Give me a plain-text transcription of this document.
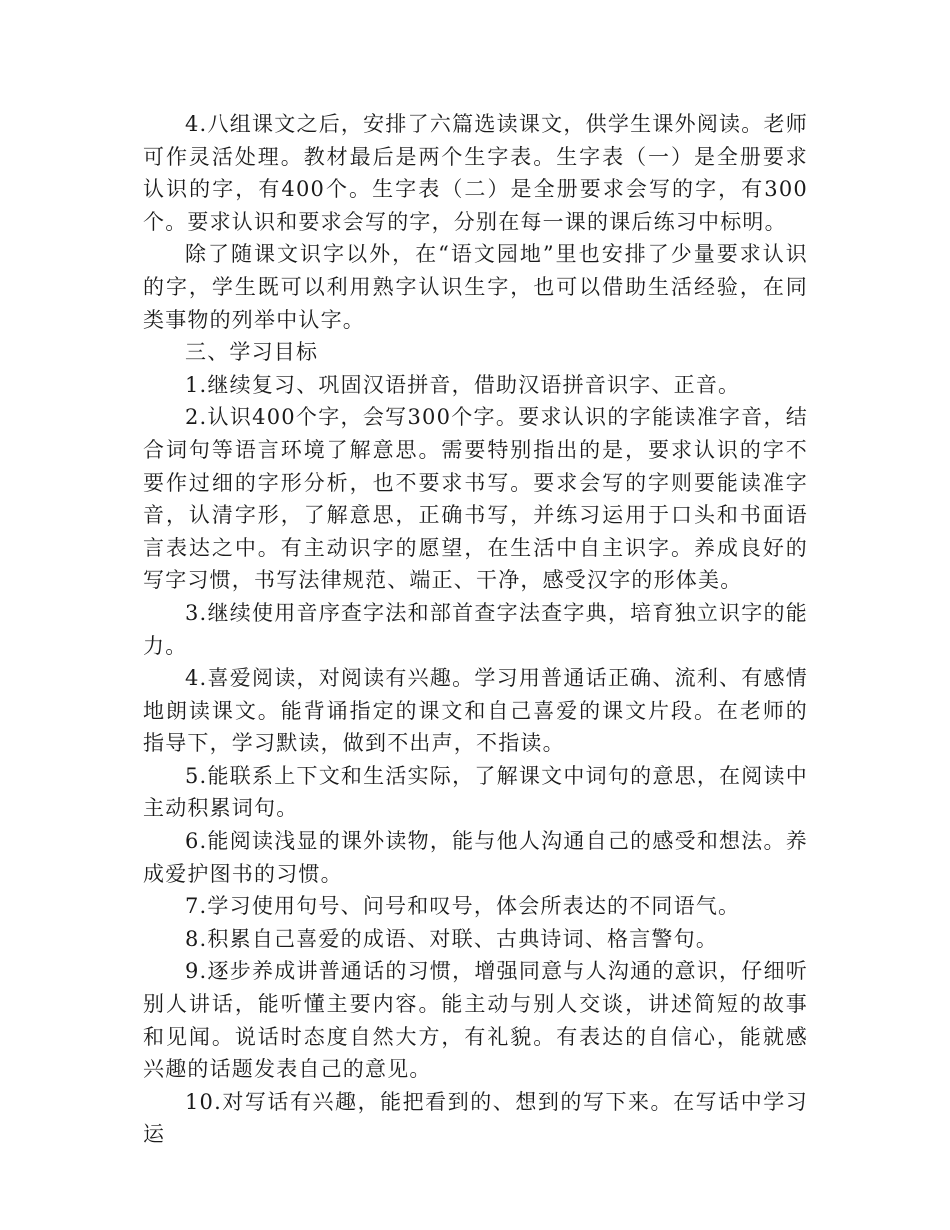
4.八组课文之后，安排了六篇选读课文，供学生课外阅读。老师可作灵活处理。教材最后是两个生字表。生字表（一）是全册要求认识的字，有400个。生字表（二）是全册要求会写的字，有300个。要求认识和要求会写的字，分别在每一课的课后练习中标明。

除了随课文识字以外，在“语文园地”里也安排了少量要求认识的字，学生既可以利用熟字认识生字，也可以借助生活经验，在同类事物的列举中认字。

三、学习目标

1.继续复习、巩固汉语拼音，借助汉语拼音识字、正音。

2.认识400个字，会写300个字。要求认识的字能读准字音，结合词句等语言环境了解意思。需要特别指出的是，要求认识的字不要作过细的字形分析，也不要求书写。要求会写的字则要能读准字音，认清字形，了解意思，正确书写，并练习运用于口头和书面语言表达之中。有主动识字的愿望，在生活中自主识字。养成良好的写字习惯，书写法律规范、端正、干净，感受汉字的形体美。

3.继续使用音序查字法和部首查字法查字典，培育独立识字的能力。

4.喜爱阅读，对阅读有兴趣。学习用普通话正确、流利、有感情地朗读课文。能背诵指定的课文和自己喜爱的课文片段。在老师的指导下，学习默读，做到不出声，不指读。

5.能联系上下文和生活实际，了解课文中词句的意思，在阅读中主动积累词句。

6.能阅读浅显的课外读物，能与他人沟通自己的感受和想法。养成爱护图书的习惯。

7.学习使用句号、问号和叹号，体会所表达的不同语气。

8.积累自己喜爱的成语、对联、古典诗词、格言警句。

9.逐步养成讲普通话的习惯，增强同意与人沟通的意识，仔细听别人讲话，能听懂主要内容。能主动与别人交谈，讲述简短的故事和见闻。说话时态度自然大方，有礼貌。有表达的自信心，能就感兴趣的话题发表自己的意见。

10.对写话有兴趣，能把看到的、想到的写下来。在写话中学习运
